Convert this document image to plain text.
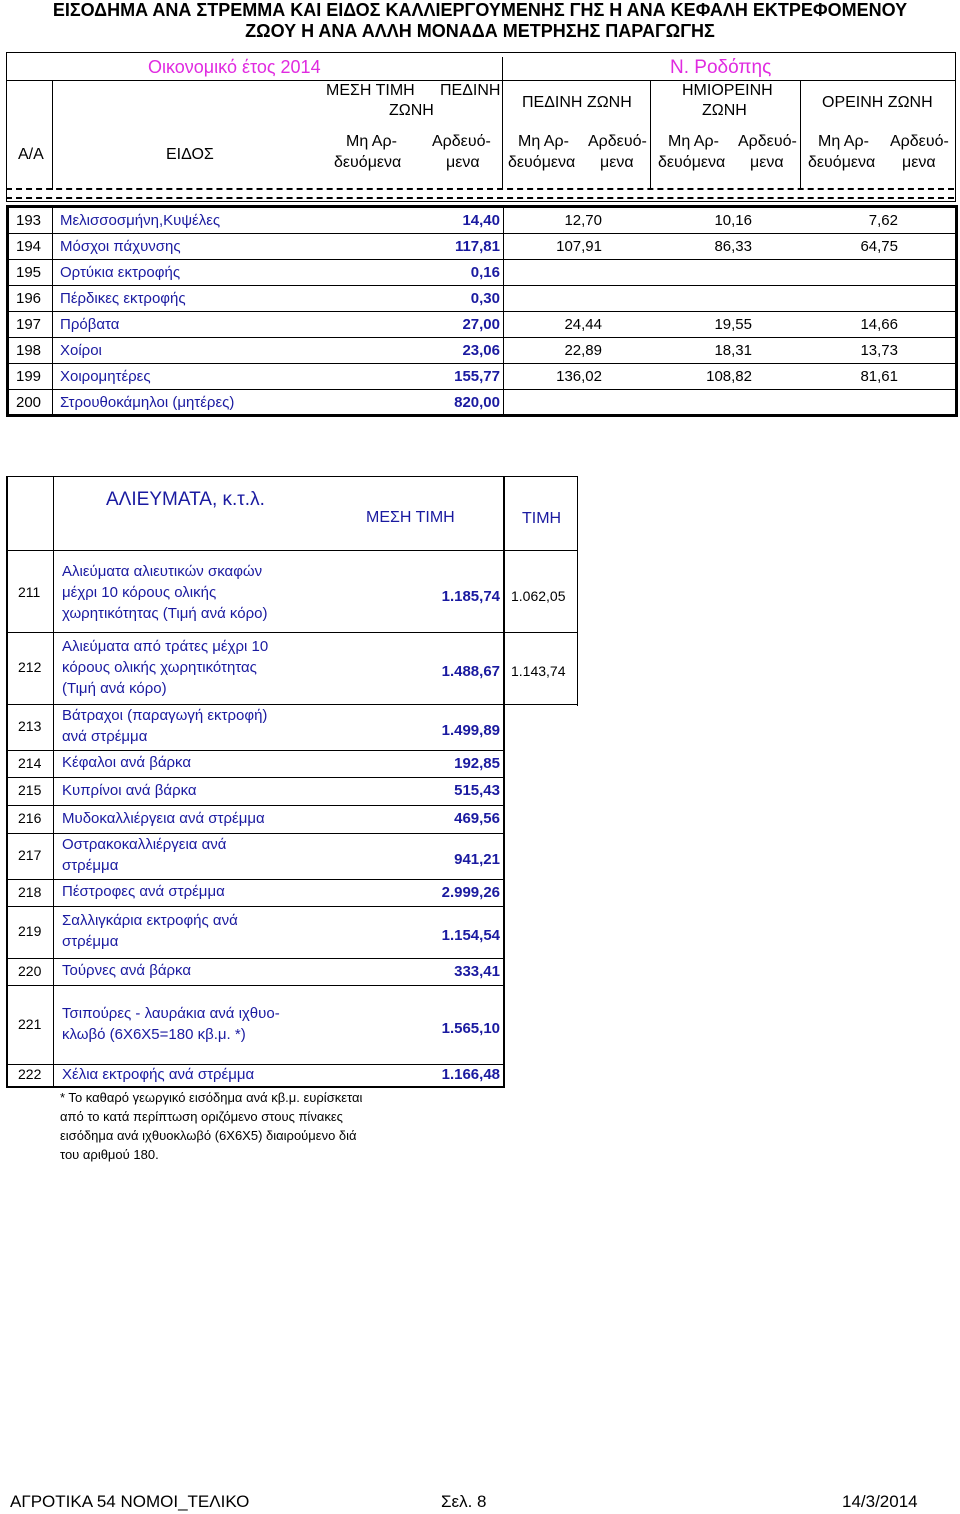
ΕΙΣΟΔΗΜΑ ΑΝΑ ΣΤΡΕΜΜΑ ΚΑΙ ΕΙΔΟΣ ΚΑΛΛΙΕΡΓΟΥΜΕΝΗΣ ΓΗΣ Η ΑΝΑ ΚΕΦΑΛΗ ΕΚΤΡΕΦΟΜΕΝΟΥ
ΖΩΟΥ Η ΑΝΑ ΑΛΛΗ ΜΟΝΑΔΑ ΜΕΤΡΗΣΗΣ ΠΑΡΑΓΩΓΗΣ
Οικονομικό έτος 2014	Ν. Ροδόπης
Α/Α	ΕΙΔΟΣ
ΜΕΣΗ ΤΙΜΗ ΠΕΔΙΝΗ
ΖΩΝΗ	ΠΕΔΙΝΗ ΖΩΝΗ
ΗΜΙΟΡΕΙΝΗ
ΖΩΝΗ	ΟΡΕΙΝΗ ΖΩΝΗ
Μη Αρ-
δευόμενα
Αρδευό-
μενα
Μη Αρ-
δευόμενα
Αρδευό-
μενα
Μη Αρ-
δευόμενα
Αρδευό-
μενα
Μη Αρ-
δευόμενα
Αρδευό-
μενα
193 Μελισσοσμήνη,Κυψέλες	14,40	12,70	10,16	7,62
194 Μόσχοι πάχυνσης	117,81	107,91	86,33	64,75
195 Ορτύκια εκτροφής	0,16
196 Πέρδικες εκτροφής	0,30
197 Πρόβατα	27,00	24,44	19,55	14,66
198 Χοίροι	23,06	22,89	18,31	13,73
199 Χοιρομητέρες	155,77	136,02	108,82	81,61
200 Στρουθοκάμηλοι (μητέρες)	820,00
ΑΛΙΕΥΜΑΤΑ, κ.τ.λ.
ΜΕΣΗ ΤΙΜΗ	ΤΙΜΗ
211
Αλιεύματα αλιευτικών σκαφών
μέχρι 10 κόρους ολικής
χωρητικότητας (Τιμή ανά κόρο)
1.185,74 1.062,05
212
Αλιεύματα από τράτες μέχρι 10
κόρους ολικής χωρητικότητας
(Τιμή ανά κόρο)
1.488,67 1.143,74
213
Βάτραχοι (παραγωγή εκτροφή)
ανά στρέμμα	1.499,89
214 Κέφαλοι ανά βάρκα	192,85
215 Κυπρίνοι ανά βάρκα	515,43
216 Μυδοκαλλιέργεια ανά στρέμμα	469,56
217
Οστρακοκαλλιέργεια ανά
στρέμμα	941,21
218 Πέστροφες ανά στρέμμα	2.999,26
219
Σαλλιγκάρια εκτροφής ανά
στρέμμα	1.154,54
220 Τούρνες ανά βάρκα	333,41
221
Τσιπούρες - λαυράκια ανά ιχθυο-
κλωβό (6Χ6Χ5=180 κβ.μ. *)	1.565,10
222 Χέλια εκτροφής ανά στρέμμα	1.166,48
* Το καθαρό γεωργικό εισόδημα ανά κβ.μ. ευρίσκεται
από το κατά περίπτωση οριζόμενο στους πίνακες
εισόδημα ανά ιχθυοκλωβό (6Χ6Χ5) διαιρούμενο διά
του αριθμού 180.
ΑΓΡΟΤΙΚΑ 54 ΝΟΜΟΙ_ΤΕΛΙΚΟ	Σελ. 8	14/3/2014
